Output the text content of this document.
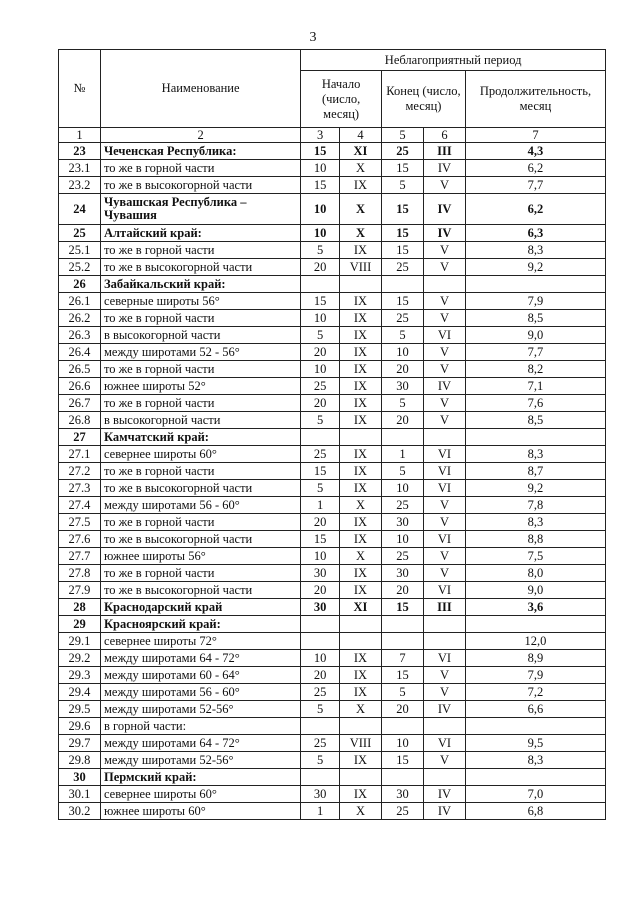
3
№	Наименование	Неблагоприятный период				
		Начало (число, месяц)		Конец (число, месяц)		Продолжительность, месяц
1	2	3	4	5	6	7
23	Чеченская Республика:	15	XI	25	III	4,3
23.1	то же в горной части	10	X	15	IV	6,2
23.2	то же в высокогорной части	15	IX	5	V	7,7
24	Чувашская Республика – Чувашия	10	X	15	IV	6,2
25	Алтайский край:	10	X	15	IV	6,3
25.1	то же в горной части	5	IX	15	V	8,3
25.2	то же в высокогорной части	20	VIII	25	V	9,2
26	Забайкальский край:					
26.1	северные широты 56°	15	IX	15	V	7,9
26.2	то же в горной части	10	IX	25	V	8,5
26.3	в высокогорной части	5	IX	5	VI	9,0
26.4	между широтами 52 - 56°	20	IX	10	V	7,7
26.5	то же в горной части	10	IX	20	V	8,2
26.6	южнее широты 52°	25	IX	30	IV	7,1
26.7	то же в горной части	20	IX	5	V	7,6
26.8	в высокогорной части	5	IX	20	V	8,5
27	Камчатский край:					
27.1	севернее широты 60°	25	IX	1	VI	8,3
27.2	то же в горной части	15	IX	5	VI	8,7
27.3	то же в высокогорной части	5	IX	10	VI	9,2
27.4	между широтами 56 - 60°	1	X	25	V	7,8
27.5	то же в горной части	20	IX	30	V	8,3
27.6	то же в высокогорной части	15	IX	10	VI	8,8
27.7	южнее широты 56°	10	X	25	V	7,5
27.8	то же в горной части	30	IX	30	V	8,0
27.9	то же в высокогорной части	20	IX	20	VI	9,0
28	Краснодарский край	30	XI	15	III	3,6
29	Красноярский край:					
29.1	севернее широты 72°					12,0
29.2	между широтами 64 - 72°	10	IX	7	VI	8,9
29.3	между широтами 60 - 64°	20	IX	15	V	7,9
29.4	между широтами 56 - 60°	25	IX	5	V	7,2
29.5	между широтами 52-56°	5	X	20	IV	6,6
29.6	в горной части:					
29.7	между широтами 64 - 72°	25	VIII	10	VI	9,5
29.8	между широтами 52-56°	5	IX	15	V	8,3
30	Пермский край:					
30.1	севернее широты 60°	30	IX	30	IV	7,0
30.2	южнее широты 60°	1	X	25	IV	6,8
